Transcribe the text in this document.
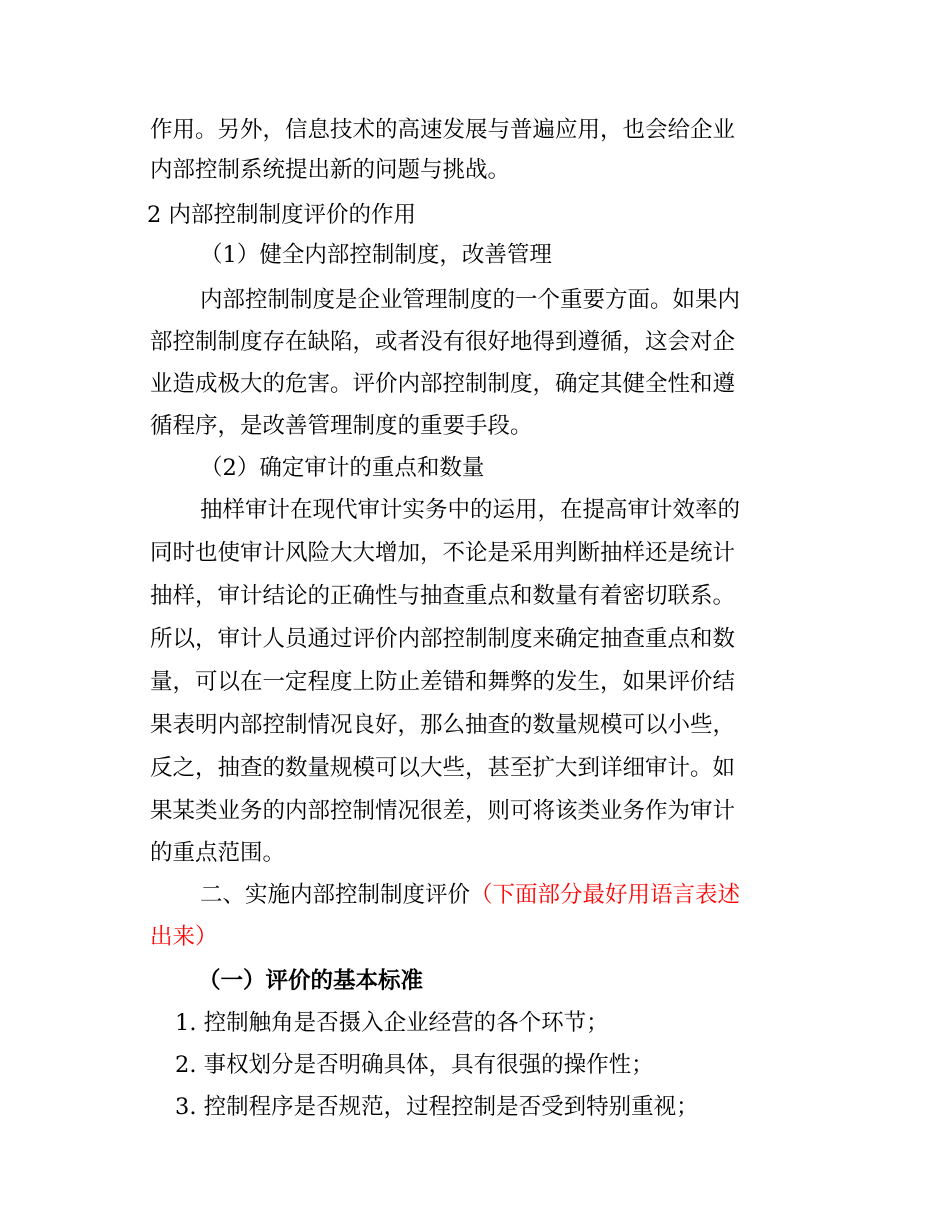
作用。另外，信息技术的高速发展与普遍应用，也会给企业
内部控制系统提出新的问题与挑战。
2 内部控制制度评价的作用
（1）健全内部控制制度，改善管理
内部控制制度是企业管理制度的一个重要方面。如果内
部控制制度存在缺陷，或者没有很好地得到遵循，这会对企
业造成极大的危害。评价内部控制制度，确定其健全性和遵
循程序，是改善管理制度的重要手段。
（2）确定审计的重点和数量
抽样审计在现代审计实务中的运用，在提高审计效率的
同时也使审计风险大大增加，不论是采用判断抽样还是统计
抽样，审计结论的正确性与抽查重点和数量有着密切联系。
所以，审计人员通过评价内部控制制度来确定抽查重点和数
量，可以在一定程度上防止差错和舞弊的发生，如果评价结
果表明内部控制情况良好，那么抽查的数量规模可以小些，
反之，抽查的数量规模可以大些，甚至扩大到详细审计。如
果某类业务的内部控制情况很差，则可将该类业务作为审计
的重点范围。
二、实施内部控制制度评价（下面部分最好用语言表述
出来）
（一）评价的基本标准
1. 控制触角是否摄入企业经营的各个环节；
2. 事权划分是否明确具体，具有很强的操作性；
3. 控制程序是否规范，过程控制是否受到特别重视；
